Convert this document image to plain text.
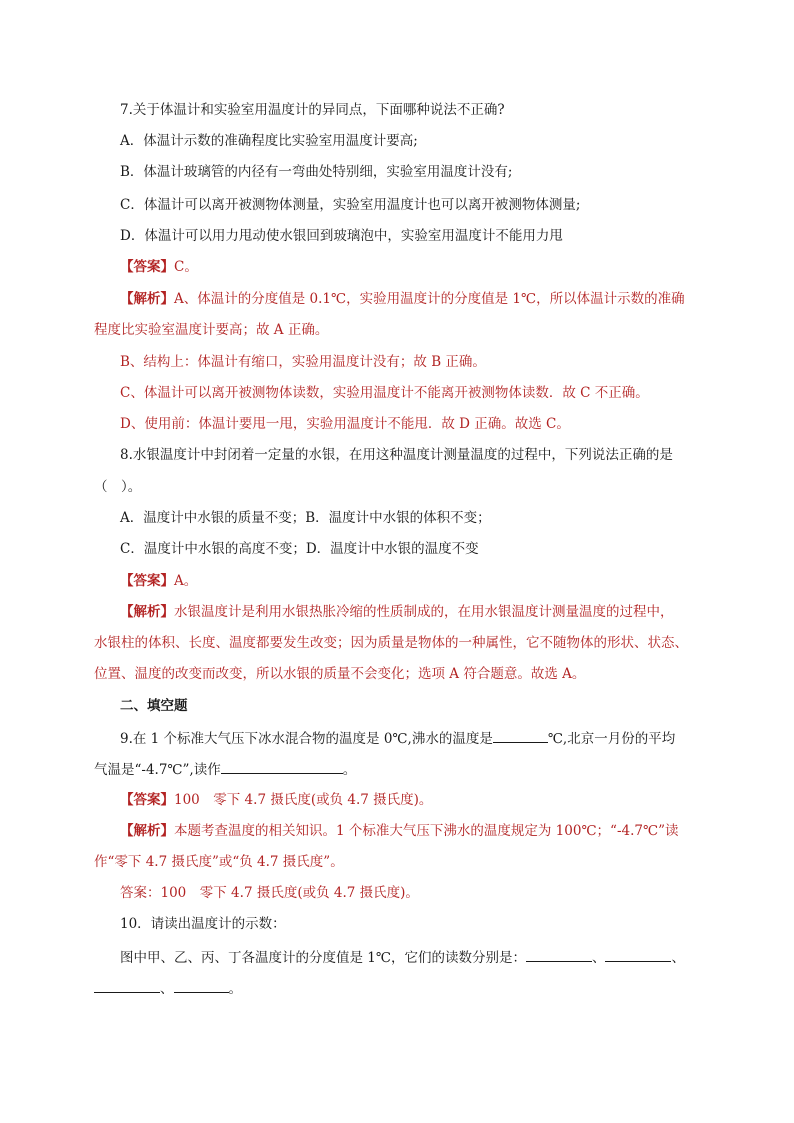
7.关于体温计和实验室用温度计的异同点，下面哪种说法不正确?
A．体温计示数的准确程度比实验室用温度计要高;
B．体温计玻璃管的内径有一弯曲处特别细，实验室用温度计没有;
C．体温计可以离开被测物体测量，实验室用温度计也可以离开被测物体测量;
D．体温计可以用力甩动使水银回到玻璃泡中，实验室用温度计不能用力甩
【答案】C。
【解析】A、体温计的分度值是 0.1℃，实验用温度计的分度值是 1℃，所以体温计示数的准确
程度比实验室温度计要高；故 A 正确。
B、结构上：体温计有缩口，实验用温度计没有；故 B 正确。
C、体温计可以离开被测物体读数，实验用温度计不能离开被测物体读数．故 C 不正确。
D、使用前：体温计要甩一甩，实验用温度计不能甩．故 D 正确。故选 C。
8.水银温度计中封闭着一定量的水银，在用这种温度计测量温度的过程中，下列说法正确的是
（　）。
A．温度计中水银的质量不变；B．温度计中水银的体积不变；
C．温度计中水银的高度不变；D．温度计中水银的温度不变
【答案】A。
【解析】水银温度计是利用水银热胀冷缩的性质制成的，在用水银温度计测量温度的过程中，
水银柱的体积、长度、温度都要发生改变；因为质量是物体的一种属性，它不随物体的形状、状态、
位置、温度的改变而改变，所以水银的质量不会变化；选项 A 符合题意。故选 A。
二、填空题
9.在 1 个标准大气压下冰水混合物的温度是 0℃,沸水的温度是	℃,北京一月份的平均
气温是“-4.7℃”,读作	。
【答案】100　零下 4.7 摄氏度(或负 4.7 摄氏度)。
【解析】本题考查温度的相关知识。1 个标准大气压下沸水的温度规定为 100℃；“-4.7℃”读
作“零下 4.7 摄氏度”或“负 4.7 摄氏度”。
答案：100　零下 4.7 摄氏度(或负 4.7 摄氏度)。
10．请读出温度计的示数：
图中甲、乙、丙、丁各温度计的分度值是 1℃，它们的读数分别是：	、	、
、	。
